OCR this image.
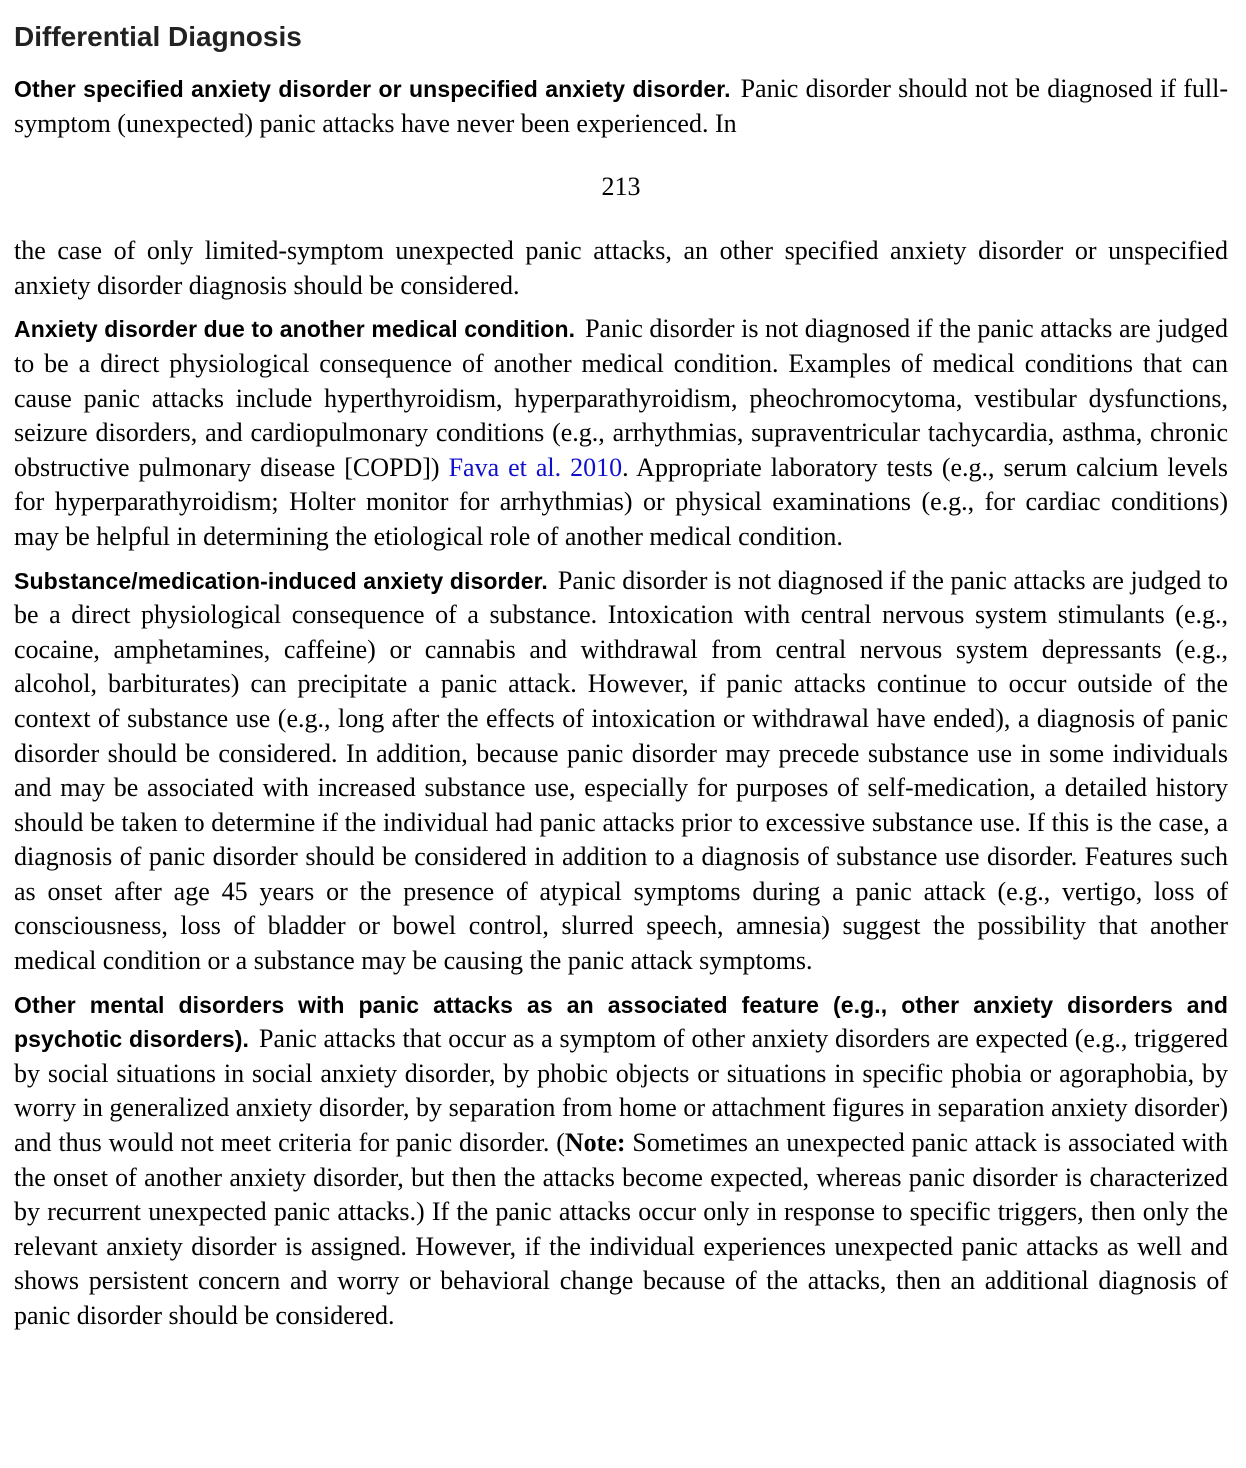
Differential Diagnosis

Other specified anxiety disorder or unspecified anxiety disorder. Panic disorder should not be diagnosed if full-symptom (unexpected) panic attacks have never been experienced. In

213

the case of only limited-symptom unexpected panic attacks, an other specified anxiety disorder or unspecified anxiety disorder diagnosis should be considered.

Anxiety disorder due to another medical condition. Panic disorder is not diagnosed if the panic attacks are judged to be a direct physiological consequence of another medical condition. Examples of medical conditions that can cause panic attacks include hyperthyroidism, hyperparathyroidism, pheochromocytoma, vestibular dysfunctions, seizure disorders, and cardiopulmonary conditions (e.g., arrhythmias, supraventricular tachycardia, asthma, chronic obstructive pulmonary disease [COPD]) Fava et al. 2010. Appropriate laboratory tests (e.g., serum calcium levels for hyperparathyroidism; Holter monitor for arrhythmias) or physical examinations (e.g., for cardiac conditions) may be helpful in determining the etiological role of another medical condition.

Substance/medication-induced anxiety disorder. Panic disorder is not diagnosed if the panic attacks are judged to be a direct physiological consequence of a substance. Intoxication with central nervous system stimulants (e.g., cocaine, amphetamines, caffeine) or cannabis and withdrawal from central nervous system depressants (e.g., alcohol, barbiturates) can precipitate a panic attack. However, if panic attacks continue to occur outside of the context of substance use (e.g., long after the effects of intoxication or withdrawal have ended), a diagnosis of panic disorder should be considered. In addition, because panic disorder may precede substance use in some individuals and may be associated with increased substance use, especially for purposes of self-medication, a detailed history should be taken to determine if the individual had panic attacks prior to excessive substance use. If this is the case, a diagnosis of panic disorder should be considered in addition to a diagnosis of substance use disorder. Features such as onset after age 45 years or the presence of atypical symptoms during a panic attack (e.g., vertigo, loss of consciousness, loss of bladder or bowel control, slurred speech, amnesia) suggest the possibility that another medical condition or a substance may be causing the panic attack symptoms.

Other mental disorders with panic attacks as an associated feature (e.g., other anxiety disorders and psychotic disorders). Panic attacks that occur as a symptom of other anxiety disorders are expected (e.g., triggered by social situations in social anxiety disorder, by phobic objects or situations in specific phobia or agoraphobia, by worry in generalized anxiety disorder, by separation from home or attachment figures in separation anxiety disorder) and thus would not meet criteria for panic disorder. (Note: Sometimes an unexpected panic attack is associated with the onset of another anxiety disorder, but then the attacks become expected, whereas panic disorder is characterized by recurrent unexpected panic attacks.) If the panic attacks occur only in response to specific triggers, then only the relevant anxiety disorder is assigned. However, if the individual experiences unexpected panic attacks as well and shows persistent concern and worry or behavioral change because of the attacks, then an additional diagnosis of panic disorder should be considered.
